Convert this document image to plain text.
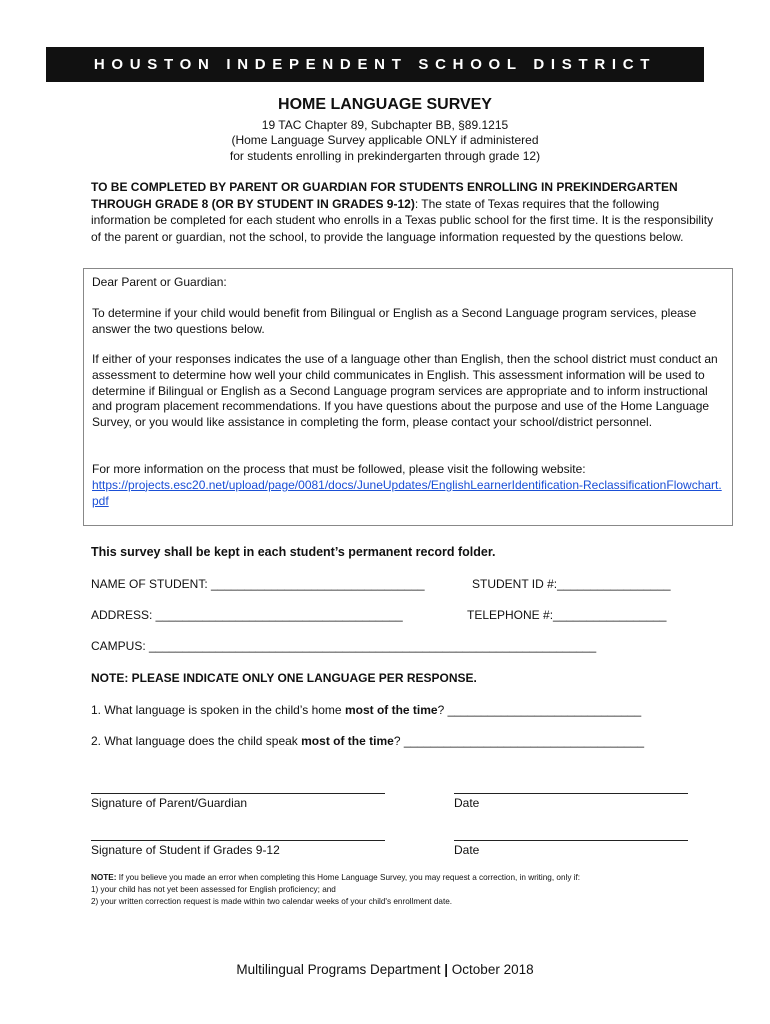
HOUSTON INDEPENDENT SCHOOL DISTRICT
HOME LANGUAGE SURVEY
19 TAC Chapter 89, Subchapter BB, §89.1215
(Home Language Survey applicable ONLY if administered
for students enrolling in prekindergarten through grade 12)
TO BE COMPLETED BY PARENT OR GUARDIAN FOR STUDENTS ENROLLING IN PREKINDERGARTEN THROUGH GRADE 8 (OR BY STUDENT IN GRADES 9-12): The state of Texas requires that the following information be completed for each student who enrolls in a Texas public school for the first time. It is the responsibility of the parent or guardian, not the school, to provide the language information requested by the questions below.

Dear Parent or Guardian:

To determine if your child would benefit from Bilingual or English as a Second Language program services, please answer the two questions below.

If either of your responses indicates the use of a language other than English, then the school district must conduct an assessment to determine how well your child communicates in English. This assessment information will be used to determine if Bilingual or English as a Second Language program services are appropriate and to inform instructional and program placement recommendations. If you have questions about the purpose and use of the Home Language Survey, or you would like assistance in completing the form, please contact your school/district personnel.

For more information on the process that must be followed, please visit the following website:
https://projects.esc20.net/upload/page/0081/docs/JuneUpdates/EnglishLearnerIdentification-ReclassificationFlowchart.pdf

This survey shall be kept in each student’s permanent record folder.
NAME OF STUDENT: ________________________________	STUDENT ID #:_________________
ADDRESS: _____________________________________	TELEPHONE #:_________________
CAMPUS: ___________________________________________________________________
NOTE: PLEASE INDICATE ONLY ONE LANGUAGE PER RESPONSE.
1. What language is spoken in the child’s home most of the time? _____________________________
2. What language does the child speak most of the time? ____________________________________
Signature of Parent/Guardian	Date
Signature of Student if Grades 9-12	Date
NOTE: If you believe you made an error when completing this Home Language Survey, you may request a correction, in writing, only if:
1) your child has not yet been assessed for English proficiency; and
2) your written correction request is made within two calendar weeks of your child's enrollment date.
Multilingual Programs Department | October 2018
